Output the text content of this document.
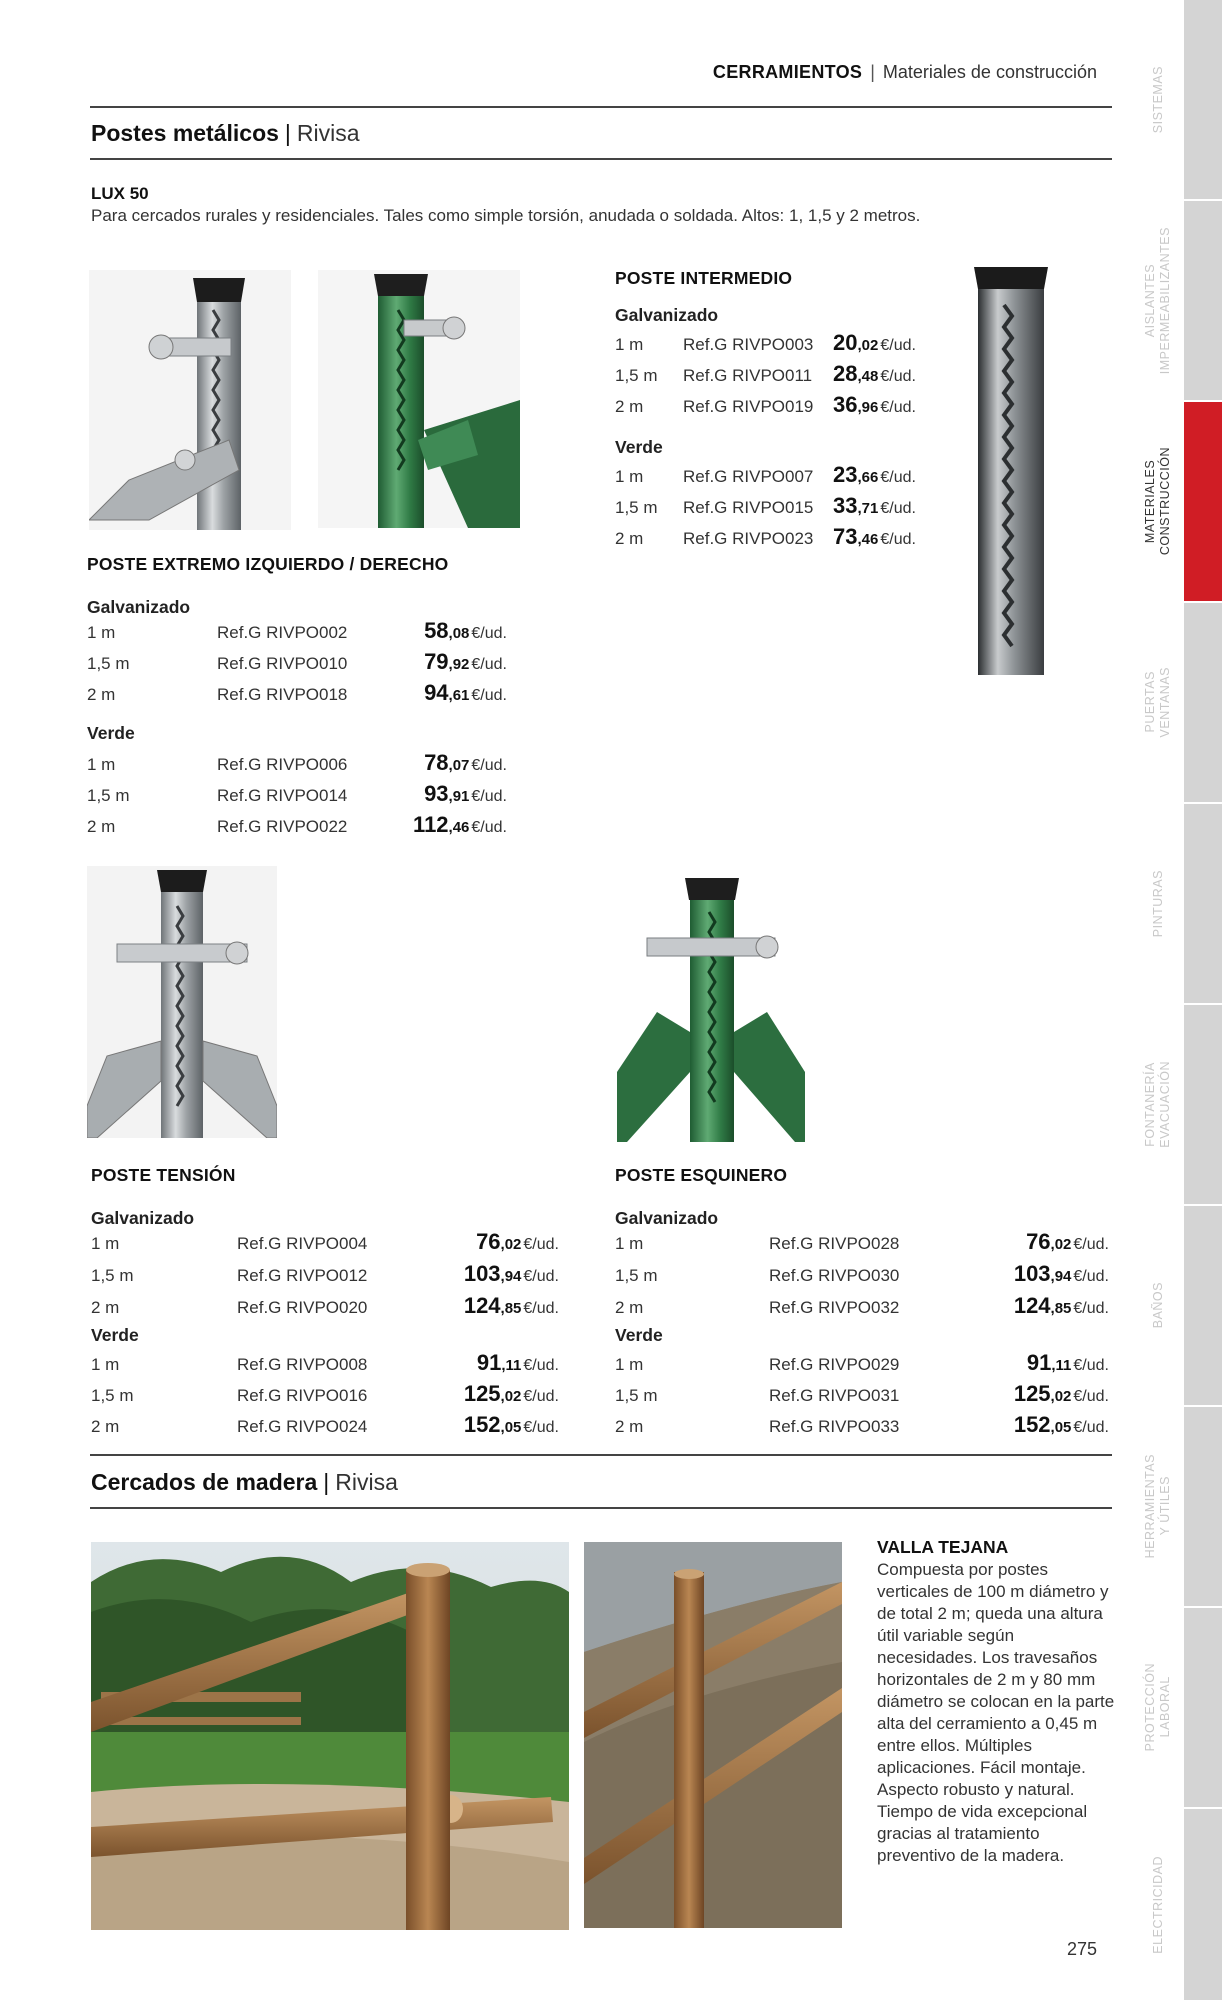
SISTEMAS
AISLANTES
IMPERMEABILIZANTES
MATERIALES
CONSTRUCCIÓN
PUERTAS
VENTANAS
PINTURAS
FONTANERÍA
EVACUACIÓN
BAÑOS
HERRAMIENTAS
Y ÚTILES
PROTECCIÓN
LABORAL
ELECTRICIDAD
CERRAMIENTOS | Materiales de construcción
Postes metálicos | Rivisa
LUX 50
Para cercados rurales y residenciales. Tales como simple torsión, anudada o soldada. Altos: 1, 1,5 y 2 metros.
POSTE INTERMEDIO
Galvanizado
1 m	Ref.G RIVPO003	20,02 €/ud.
1,5 m	Ref.G RIVPO011	28,48 €/ud.
2 m	Ref.G RIVPO019	36,96 €/ud.
Verde
1 m	Ref.G RIVPO007	23,66 €/ud.
1,5 m	Ref.G RIVPO015	33,71 €/ud.
2 m	Ref.G RIVPO023	73,46 €/ud.
POSTE EXTREMO IZQUIERDO / DERECHO
Galvanizado
1 m	Ref.G RIVPO002	58,08 €/ud.
1,5 m	Ref.G RIVPO010	79,92 €/ud.
2 m	Ref.G RIVPO018	94,61 €/ud.
Verde
1 m	Ref.G RIVPO006	78,07 €/ud.
1,5 m	Ref.G RIVPO014	93,91 €/ud.
2 m	Ref.G RIVPO022	112,46 €/ud.
POSTE TENSIÓN
Galvanizado
1 m	Ref.G RIVPO004	76,02 €/ud.
1,5 m	Ref.G RIVPO012	103,94 €/ud.
2 m	Ref.G RIVPO020	124,85 €/ud.
Verde
1 m	Ref.G RIVPO008	91,11 €/ud.
1,5 m	Ref.G RIVPO016	125,02 €/ud.
2 m	Ref.G RIVPO024	152,05 €/ud.
POSTE ESQUINERO
Galvanizado
1 m	Ref.G RIVPO028	76,02 €/ud.
1,5 m	Ref.G RIVPO030	103,94 €/ud.
2 m	Ref.G RIVPO032	124,85 €/ud.
Verde
1 m	Ref.G RIVPO029	91,11 €/ud.
1,5 m	Ref.G RIVPO031	125,02 €/ud.
2 m	Ref.G RIVPO033	152,05 €/ud.
Cercados de madera | Rivisa
VALLA TEJANA
Compuesta por postes verticales de 100 m diámetro y de total 2 m; queda una altura útil variable según necesidades. Los travesaños horizontales de 2 m y 80 mm diámetro se colocan en la parte alta del cerramiento a 0,45 m entre ellos. Múltiples aplicaciones. Fácil montaje. Aspecto robusto y natural. Tiempo de vida excepcional gracias al tratamiento preventivo de la madera.
275
